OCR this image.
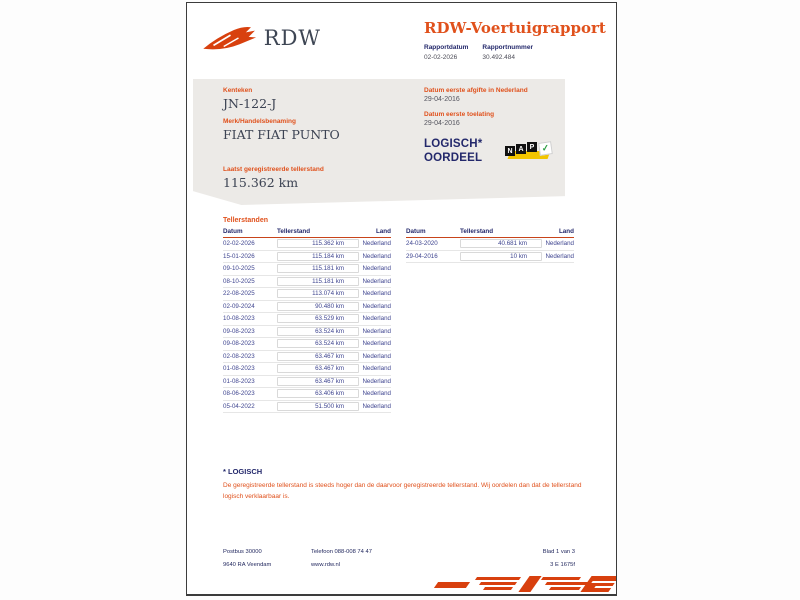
RDW	RDW-Voertuigrapport
Rapportdatum
02-02-2026
Rapportnummer
30.492.484
Kenteken
JN-122-J
Merk/Handelsbenaming
FIAT FIAT PUNTO
Laatst geregistreerde tellerstand
115.362 km
Datum eerste afgifte in Nederland
29-04-2016
Datum eerste toelating
29-04-2016
LOGISCH*
OORDEEL
N A P ✓
Tellerstanden
Datum	Tellerstand	Land
02-02-2026	115.362 km	Nederland
15-01-2026	115.184 km	Nederland
09-10-2025	115.181 km	Nederland
08-10-2025	115.181 km	Nederland
22-08-2025	113.074 km	Nederland
02-09-2024	90.480 km	Nederland
10-08-2023	63.529 km	Nederland
09-08-2023	63.524 km	Nederland
09-08-2023	63.524 km	Nederland
02-08-2023	63.467 km	Nederland
01-08-2023	63.467 km	Nederland
01-08-2023	63.467 km	Nederland
08-06-2023	63.406 km	Nederland
05-04-2022	51.500 km	Nederland
Datum	Tellerstand	Land
24-03-2020	40.681 km	Nederland
29-04-2016	10 km	Nederland
* LOGISCH
De geregistreerde tellerstand is steeds hoger dan de daarvoor geregistreerde tellerstand. Wij oordelen dan dat de tellerstand logisch verklaarbaar is.
Postbus 30000
9640 RA Veendam
Telefoon 088-008 74 47
www.rdw.nl
Blad 1 van 3
3 E 1675f
